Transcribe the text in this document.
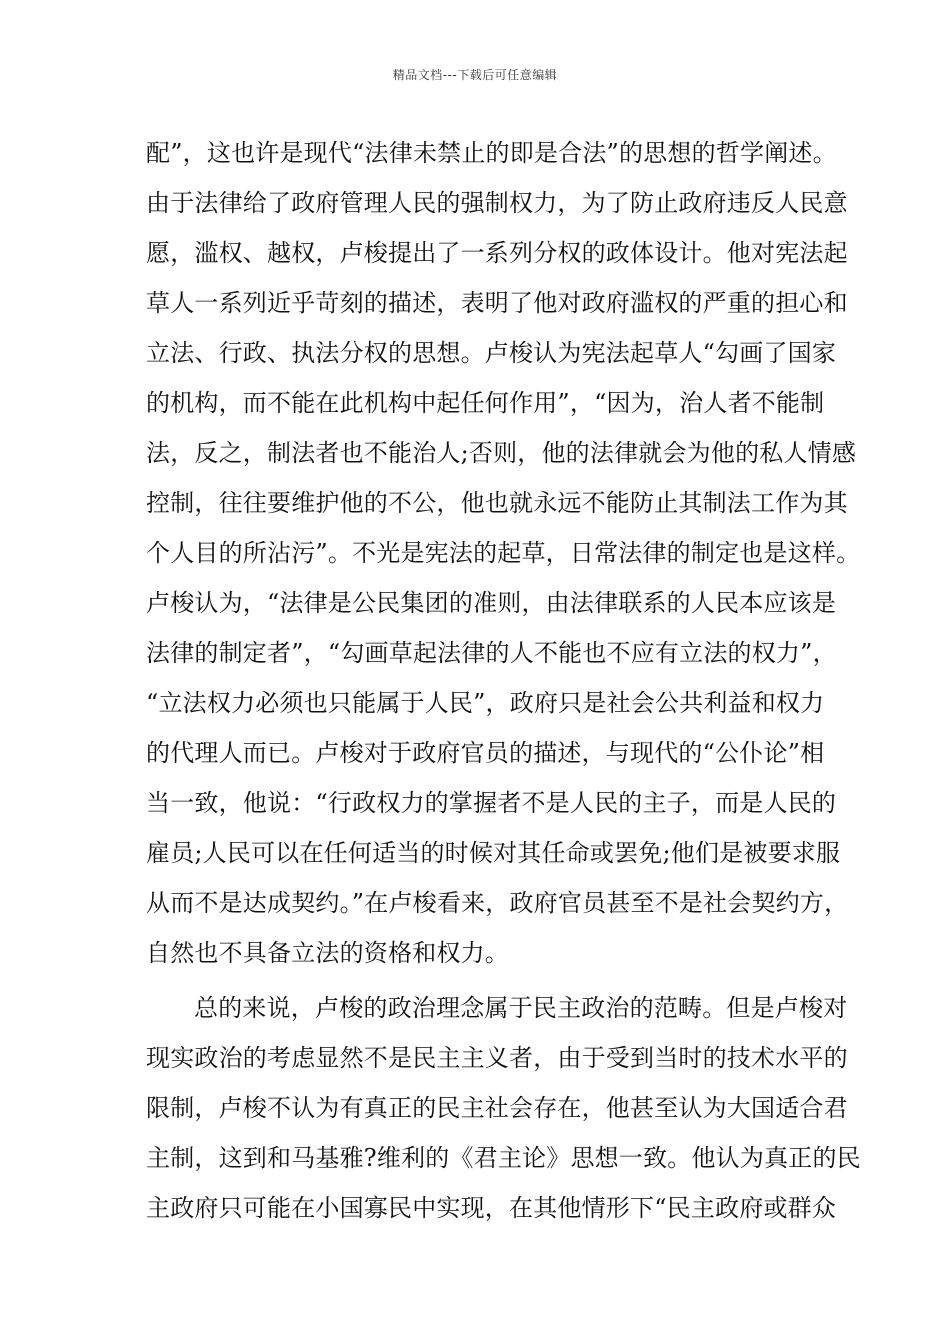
精品文档---下载后可任意编辑
配”，这也许是现代“法律未禁止的即是合法”的思想的哲学阐述。
由于法律给了政府管理人民的强制权力，为了防止政府违反人民意
愿，滥权、越权，卢梭提出了一系列分权的政体设计。他对宪法起
草人一系列近乎苛刻的描述，表明了他对政府滥权的严重的担心和
立法、行政、执法分权的思想。卢梭认为宪法起草人“勾画了国家
的机构，而不能在此机构中起任何作用”，“因为，治人者不能制
法，反之，制法者也不能治人;否则，他的法律就会为他的私人情感
控制，往往要维护他的不公，他也就永远不能防止其制法工作为其
个人目的所沾污”。不光是宪法的起草，日常法律的制定也是这样。
卢梭认为，“法律是公民集团的准则，由法律联系的人民本应该是
法律的制定者”，“勾画草起法律的人不能也不应有立法的权力”，
“立法权力必须也只能属于人民”，政府只是社会公共利益和权力
的代理人而已。卢梭对于政府官员的描述，与现代的“公仆论”相
当一致，他说：“行政权力的掌握者不是人民的主子，而是人民的
雇员;人民可以在任何适当的时候对其任命或罢免;他们是被要求服
从而不是达成契约。”在卢梭看来，政府官员甚至不是社会契约方，
自然也不具备立法的资格和权力。
总的来说，卢梭的政治理念属于民主政治的范畴。但是卢梭对
现实政治的考虑显然不是民主主义者，由于受到当时的技术水平的
限制，卢梭不认为有真正的民主社会存在，他甚至认为大国适合君
主制，这到和马基雅?维利的《君主论》思想一致。他认为真正的民
主政府只可能在小国寡民中实现，在其他情形下“民主政府或群众
